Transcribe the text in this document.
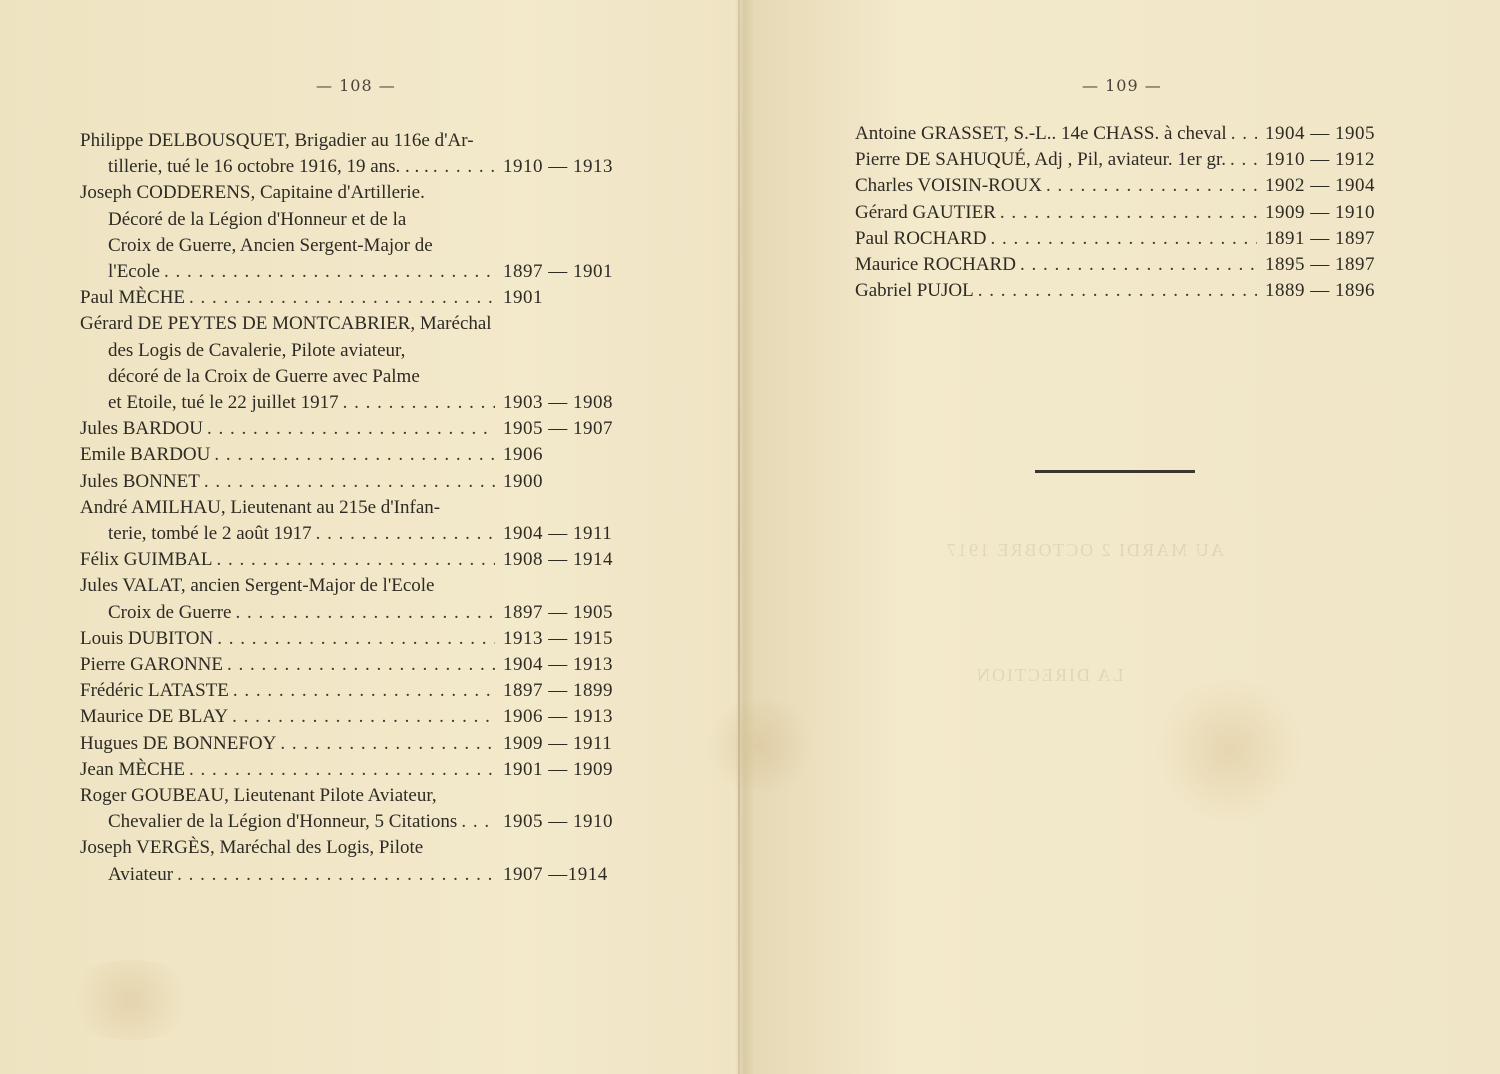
AU MARDI 2 OCTOBRE 1917
LA DIRECTION
— 108 —	— 109 —
Philippe DELBOUSQUET, Brigadier au 116e d'Ar-
tillerie, tué le 16 octobre 1916, 19 ans. . . . . . .	1910 — 1913
Joseph CODDERENS, Capitaine d'Artillerie.
Décoré de la Légion d'Honneur et de la
Croix de Guerre, Ancien Sergent-Major de
l'Ecole . . .	1897 — 1901
Paul MÈCHE . . .	1901
Gérard DE PEYTES DE MONTCABRIER, Maréchal
des Logis de Cavalerie, Pilote aviateur,
décoré de la Croix de Guerre avec Palme
et Etoile, tué le 22 juillet 1917 . . .	1903 — 1908
Jules BARDOU . . .	1905 — 1907
Emile BARDOU . . .	1906
Jules BONNET . . .	1900
André AMILHAU, Lieutenant au 215e d'Infan-
terie, tombé le 2 août 1917 . . .	1904 — 1911
Félix GUIMBAL . . .	1908 — 1914
Jules VALAT, ancien Sergent-Major de l'Ecole
Croix de Guerre . . .	1897 — 1905
Louis DUBITON . . .	1913 — 1915
Pierre GARONNE . . .	1904 — 1913
Frédéric LATASTE . . .	1897 — 1899
Maurice DE BLAY . . .	1906 — 1913
Hugues DE BONNEFOY . . .	1909 — 1911
Jean MÈCHE . . .	1901 — 1909
Roger GOUBEAU, Lieutenant Pilote Aviateur,
Chevalier de la Légion d'Honneur, 5 Citations . . . 1905 — 1910
Joseph VERGÈS, Maréchal des Logis, Pilote
Aviateur . . .	1907 —1914
Antoine GRASSET, S.-L.. 14e CHASS. à cheval . . . 1904 — 1905
Pierre DE SAHUQUÉ, Adj , Pil, aviateur. 1er gr. . . . 1910 — 1912
Charles VOISIN-ROUX . . .	1902 — 1904
Gérard GAUTIER . . .	1909 — 1910
Paul ROCHARD . . .	1891 — 1897
Maurice ROCHARD . . .	1895 — 1897
Gabriel PUJOL . . .	1889 — 1896
